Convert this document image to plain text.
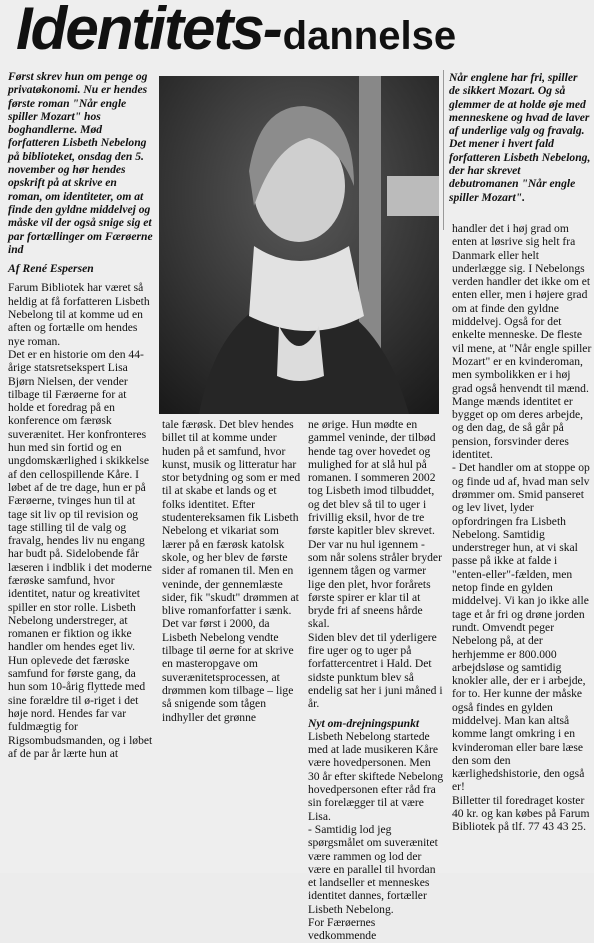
Identitets-dannelse

Først skrev hun om penge og privatøkonomi. Nu er hendes første roman "Når engle spiller Mozart" hos boghandlerne. Mød forfatteren Lisbeth Nebelong på biblioteket, onsdag den 5. november og hør hendes opskrift på at skrive en roman, om identiteter, om at finde den gyldne middelvej og måske vil der også snige sig et par fortællinger om Færøerne ind

Af René Espersen

Farum Bibliotek har været så heldig at få forfatteren Lisbeth Nebelong til at komme ud en aften og fortælle om hendes nye roman.
Det er en historie om den 44-årige statsretsekspert Lisa Bjørn Nielsen, der vender tilbage til Færøerne for at holde et foredrag på en konference om færøsk suverænitet. Her konfronteres hun med sin fortid og en ungdomskærlighed i skikkelse af den cellospillende Kåre. I løbet af de tre dage, hun er på Færøerne, tvinges hun til at tage sit liv op til revision og tage stilling til de valg og fravalg, hendes liv nu engang har budt på. Sidelobende får læseren i indblik i det moderne færøske samfund, hvor identitet, natur og kreativitet spiller en stor rolle. Lisbeth Nebelong understreger, at romanen er fiktion og ikke handler om hendes eget liv. Hun oplevede det færøske samfund for første gang, da hun som 10-årig flyttede med sine forældre til ø-riget i det høje nord. Hendes far var fuldmægtig for Rigsombudsmanden, og i løbet af de par år lærte hun at

Når englene har fri, spiller de sikkert Mozart. Og så glemmer de at holde øje med menneskene og hvad de laver af underlige valg og fravalg. Det mener i hvert fald forfatteren Lisbeth Nebelong, der har skrevet debutromanen "Når engle spiller Mozart".

tale færøsk. Det blev hendes billet til at komme under huden på et samfund, hvor kunst, musik og litteratur har stor betydning og som er med til at skabe et lands og et folks identitet. Efter studentereksamen fik Lisbeth Nebelong et vikariat som lærer på en færøsk katolsk skole, og her blev de første sider af romanen til. Men en veninde, der gennemlæste sider, fik "skudt" drømmen at blive romanforfatter i sænk.
Det var først i 2000, da Lisbeth Nebelong vendte tilbage til øerne for at skrive en masteropgave om suverænitetsprocessen, at drømmen kom tilbage – lige så snigende som tågen indhyller det grønne

ne ørige. Hun mødte en gammel veninde, der tilbød hende tag over hovedet og mulighed for at slå hul på romanen. I sommeren 2002 tog Lisbeth imod tilbuddet, og det blev så til to uger i frivillig eksil, hvor de tre første kapitler blev skrevet. Der var nu hul igennem - som når solens stråler bryder igennem tågen og varmer lige den plet, hvor forårets første spirer er klar til at bryde fri af sneens hårde skal.
Siden blev det til yderligere fire uger og to uger på forfattercentret i Hald. Det sidste punktum blev så endelig sat her i juni måned i år.

Nyt om-drejningspunkt

Lisbeth Nebelong startede med at lade musikeren Kåre være hovedpersonen. Men 30 år efter skiftede Nebelong hovedpersonen efter råd fra sin forelægger til at være Lisa.
- Samtidig lod jeg spørgsmålet om suverænitet være rammen og lod der være en parallel til hvordan et landseller et menneskes identitet dannes, fortæller Lisbeth Nebelong.
For Færøernes vedkommende

handler det i høj grad om enten at løsrive sig helt fra Danmark eller helt underlægge sig. I Nebelongs verden handler det ikke om et enten eller, men i højere grad om at finde den gyldne middelvej. Også for det enkelte menneske. De fleste vil mene, at "Når engle spiller Mozart" er en kvinderoman, men symbolikken er i høj grad også henvendt til mænd. Mange mænds identitet er bygget op om deres arbejde, og den dag, de så går på pension, forsvinder deres identitet.
- Det handler om at stoppe op og finde ud af, hvad man selv drømmer om. Smid panseret og lev livet, lyder opfordringen fra Lisbeth Nebelong. Samtidig understreger hun, at vi skal passe på ikke at falde i "enten-eller"-fælden, men netop finde en gylden middelvej. Vi kan jo ikke alle tage et år fri og drøne jorden rundt. Omvendt peger Nebelong på, at der herhjemme er 800.000 arbejdsløse og samtidig knokler alle, der er i arbejde, for to. Her kunne der måske også findes en gylden middelvej. Man kan altså komme langt omkring i en kvinderoman eller bare læse den som den kærlighedshistorie, den også er!
Billetter til foredraget koster 40 kr. og kan købes på Farum Bibliotek på tlf. 77 43 43 25.
